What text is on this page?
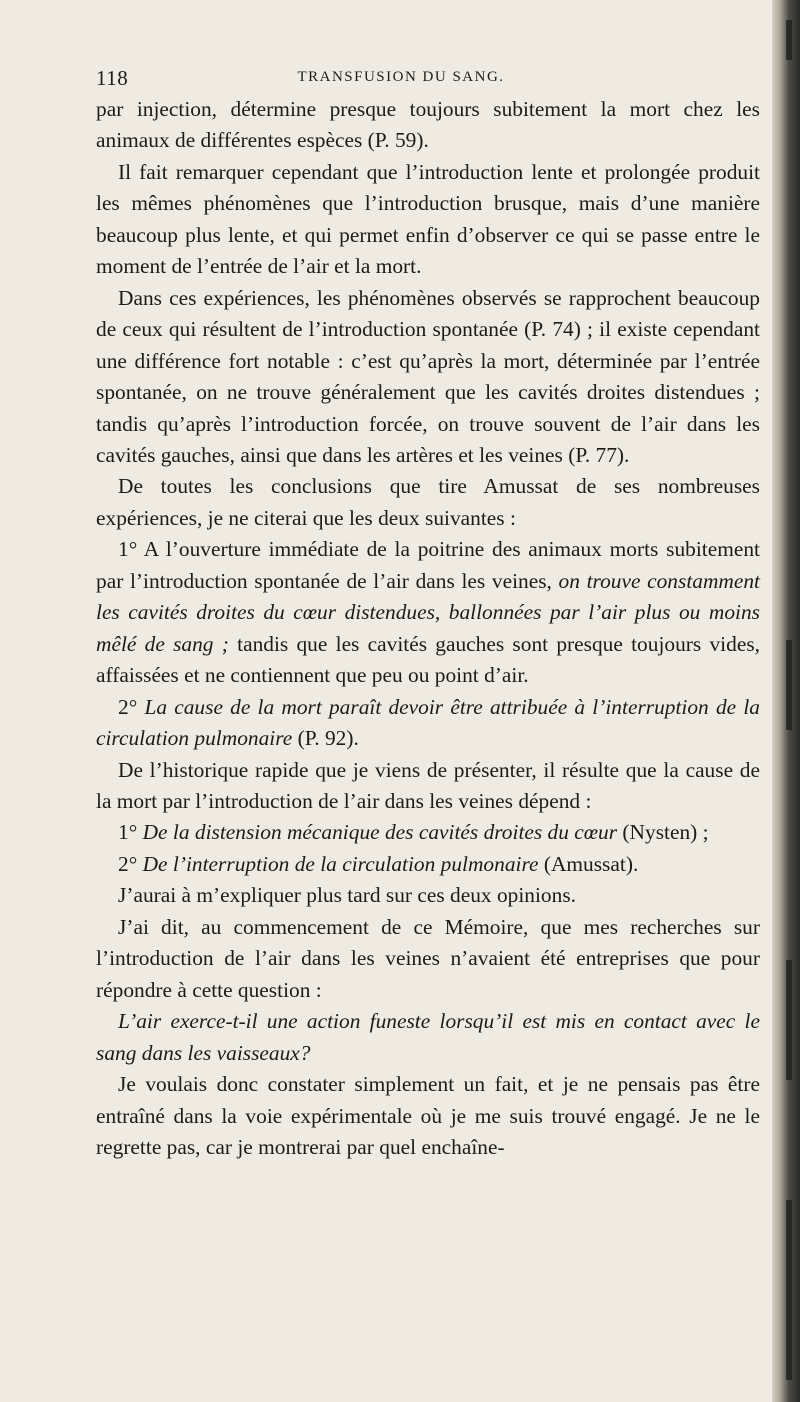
118	TRANSFUSION DU SANG.

par injection, détermine presque toujours subitement la mort chez les animaux de différentes espèces (P. 59).

Il fait remarquer cependant que l’introduction lente et prolongée produit les mêmes phénomènes que l’introduction brusque, mais d’une manière beaucoup plus lente, et qui permet enfin d’observer ce qui se passe entre le moment de l’entrée de l’air et la mort.

Dans ces expériences, les phénomènes observés se rapprochent beaucoup de ceux qui résultent de l’introduction spontanée (P. 74) ; il existe cependant une différence fort notable : c’est qu’après la mort, déterminée par l’entrée spontanée, on ne trouve généralement que les cavités droites distendues ; tandis qu’après l’introduction forcée, on trouve souvent de l’air dans les cavités gauches, ainsi que dans les artères et les veines (P. 77).

De toutes les conclusions que tire Amussat de ses nombreuses expériences, je ne citerai que les deux suivantes :

1° A l’ouverture immédiate de la poitrine des animaux morts subitement par l’introduction spontanée de l’air dans les veines, on trouve constamment les cavités droites du cœur distendues, ballonnées par l’air plus ou moins mêlé de sang ; tandis que les cavités gauches sont presque toujours vides, affaissées et ne contiennent que peu ou point d’air.

2° La cause de la mort paraît devoir être attribuée à l’interruption de la circulation pulmonaire (P. 92).

De l’historique rapide que je viens de présenter, il résulte que la cause de la mort par l’introduction de l’air dans les veines dépend :

1° De la distension mécanique des cavités droites du cœur (Nysten) ;

2° De l’interruption de la circulation pulmonaire (Amussat).

J’aurai à m’expliquer plus tard sur ces deux opinions.

J’ai dit, au commencement de ce Mémoire, que mes recherches sur l’introduction de l’air dans les veines n’avaient été entreprises que pour répondre à cette question :

L’air exerce-t-il une action funeste lorsqu’il est mis en contact avec le sang dans les vaisseaux?

Je voulais donc constater simplement un fait, et je ne pensais pas être entraîné dans la voie expérimentale où je me suis trouvé engagé. Je ne le regrette pas, car je montrerai par quel enchaîne-
